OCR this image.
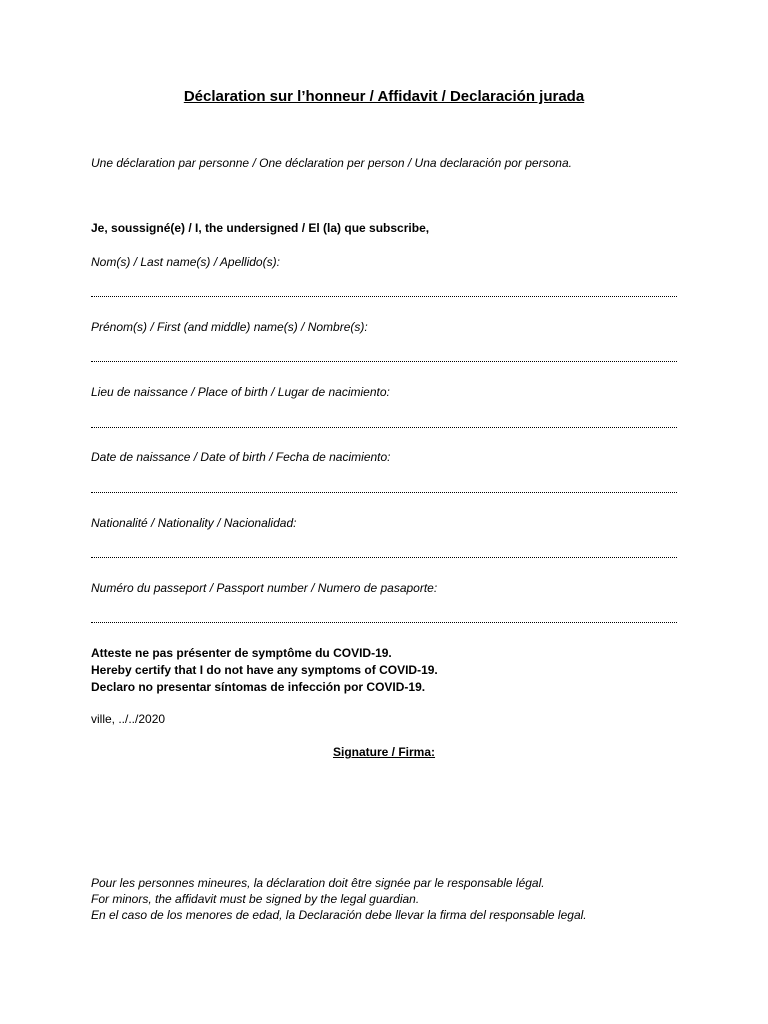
Déclaration sur l’honneur / Affidavit / Declaración jurada
Une déclaration par personne / One déclaration per person / Una declaración por persona.
Je, soussigné(e) / I, the undersigned / El (la) que subscribe,
Nom(s) / Last name(s) / Apellido(s):
Prénom(s) / First (and middle) name(s) / Nombre(s):
Lieu de naissance / Place of birth / Lugar de nacimiento:
Date de naissance / Date of birth / Fecha de nacimiento:
Nationalité / Nationality / Nacionalidad:
Numéro du passeport / Passport number / Numero de pasaporte:
Atteste ne pas présenter de symptôme du COVID-19.
Hereby certify that I do not have any symptoms of COVID-19.
Declaro no presentar síntomas de infección por COVID-19.
ville, ../../2020
Signature / Firma:
Pour les personnes mineures, la déclaration doit être signée par le responsable légal.
For minors, the affidavit must be signed by the legal guardian.
En el caso de los menores de edad, la Declaración debe llevar la firma del responsable legal.
